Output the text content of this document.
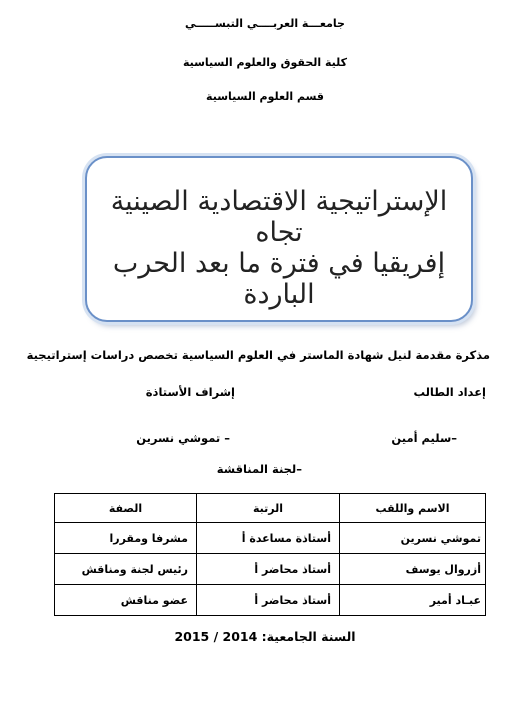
جامعـــة العربــــي التبســـــي
كلية الحقوق والعلوم السياسية
قسم العلوم السياسية
الإستراتيجية الاقتصادية الصينية تجاه
إفريقيا في فترة ما بعد الحرب الباردة
مذكرة مقدمة لنيل شهادة الماستر في العلوم السياسية تخصص دراسات إستراتيجية
إعداد الطالب
إشراف الأستاذة
–سليم أمين
– تموشي نسرين
–لجنة المناقشة
الاسم واللقب	الرتبة	الصفة
تموشي نسرين	أستاذة مساعدة أ	مشرفا ومقررا
أزروال يوسف	أستاذ محاضر أ	رئيس لجنة ومناقش
عبـاد أمير	أستاذ محاضر أ	عضو مناقش
السنة الجامعية: 2014 / 2015
